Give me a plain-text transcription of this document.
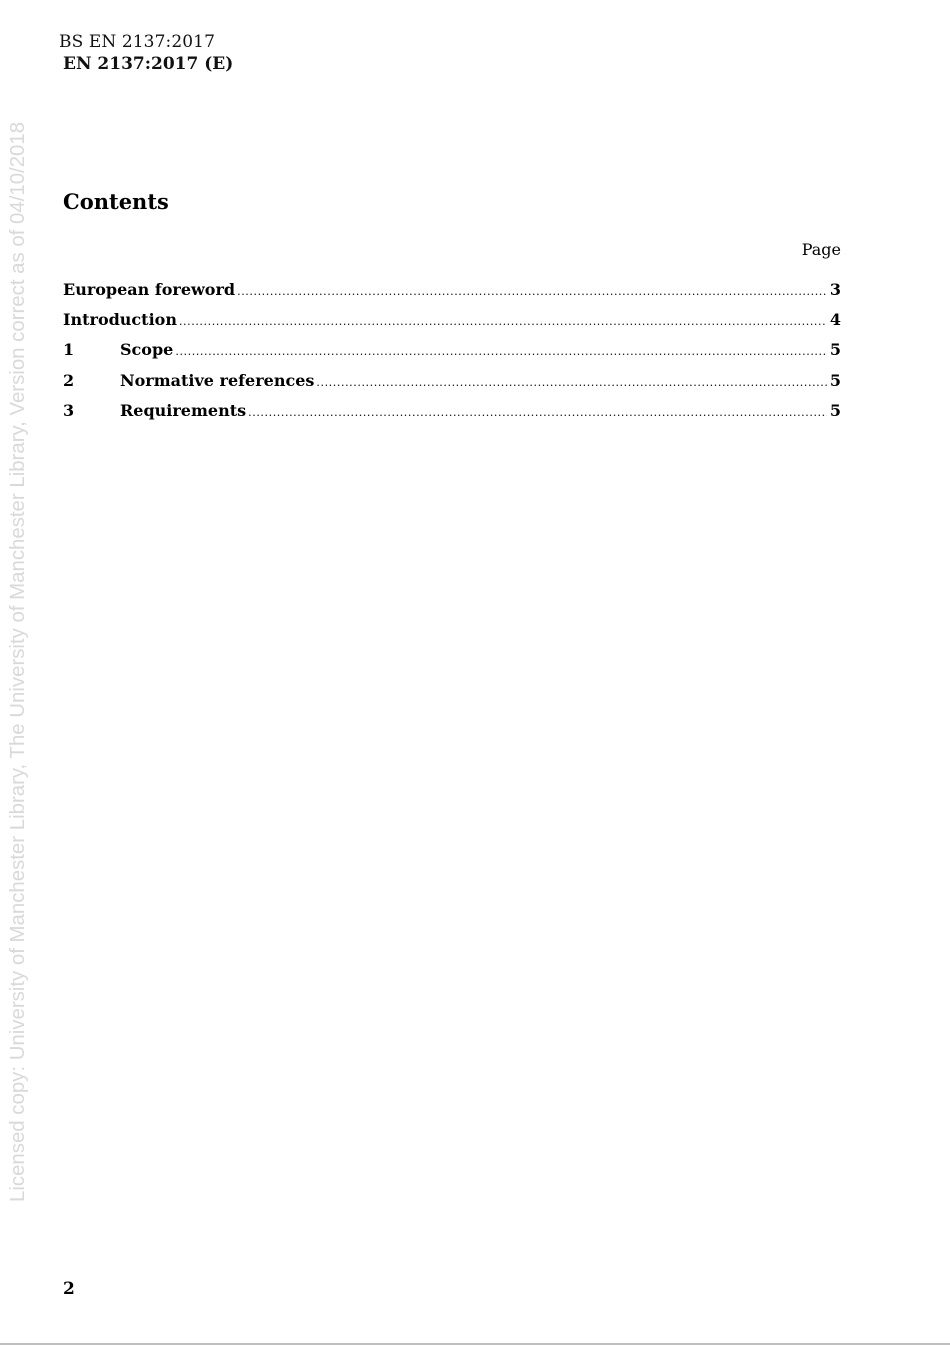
BS EN 2137:2017
EN 2137:2017 (E)
Licensed copy: University of Manchester Library, The University of Manchester Library, Version correct as of 04/10/2018 Contents
Page
European foreword .....	3
Introduction .....	4
1	Scope .....	5
2	Normative references .....	5
3	Requirements .....	5
2
